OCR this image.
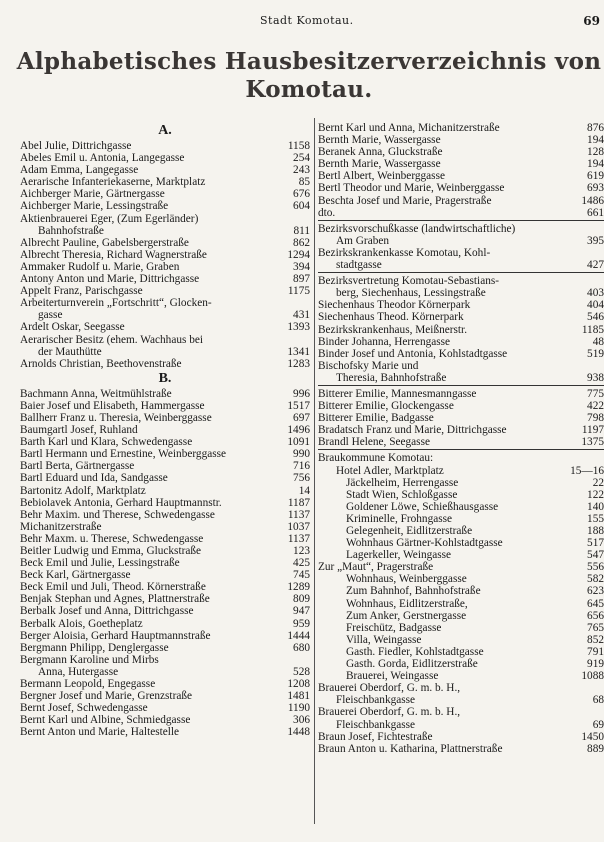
Stadt Komotau.	69
Alphabetisches Hausbesitzerverzeichnis von
Komotau.
A.
Abel Julie, Dittrichgasse	1158
Abeles Emil u. Antonia, Langegasse	254
Adam Emma, Langegasse	243
Aerarische Infanteriekaserne, Marktplatz	85
Aichberger Marie, Gärtnergasse	676
Aichberger Marie, Lessingstraße	604
Aktienbrauerei Eger, (Zum Egerländer)
Bahnhofstraße	811
Albrecht Pauline, Gabelsbergerstraße	862
Albrecht Theresia, Richard Wagnerstraße	1294
Ammaker Rudolf u. Marie, Graben	394
Antony Anton und Marie, Dittrichgasse	897
Appelt Franz, Parischgasse	1175
Arbeiterturnverein „Fortschritt“, Glocken-
gasse	431
Ardelt Oskar, Seegasse	1393
Aerarischer Besitz (ehem. Wachhaus bei
der Mauthütte	1341
Arnolds Christian, Beethovenstraße	1283
B.
Bachmann Anna, Weitmühlstraße	996
Baier Josef und Elisabeth, Hammergasse	1517
Ballherr Franz u. Theresia, Weinberggasse	697
Baumgartl Josef, Ruhland	1496
Barth Karl und Klara, Schwedengasse	1091
Bartl Hermann und Ernestine, Weinberggasse	990
Bartl Berta, Gärtnergasse	716
Bartl Eduard und Ida, Sandgasse	756
Bartonitz Adolf, Marktplatz	14
Bebiolavek Antonia, Gerhard Hauptmannstr.	1187
Behr Maxim. und Therese, Schwedengasse	1137
Michanitzerstraße	1037
Behr Maxm. u. Therese, Schwedengasse	1137
Beitler Ludwig und Emma, Gluckstraße	123
Beck Emil und Julie, Lessingstraße	425
Beck Karl, Gärtnergasse	745
Beck Emil und Juli, Theod. Körnerstraße	1289
Benjak Stephan und Agnes, Plattnerstraße	809
Berbalk Josef und Anna, Dittrichgasse	947
Berbalk Alois, Goetheplatz	959
Berger Aloisia, Gerhard Hauptmannstraße	1444
Bergmann Philipp, Denglergasse	680
Bergmann Karoline und Mirbs
Anna, Hutergasse	528
Bermann Leopold, Engegasse	1208
Bergner Josef und Marie, Grenzstraße	1481
Bernt Josef, Schwedengasse	1190
Bernt Karl und Albine, Schmiedgasse	306
Bernt Anton und Marie, Haltestelle	1448
Bernt Karl und Anna, Michanitzerstraße	876
Bernth Marie, Wassergasse	194
Beranek Anna, Gluckstraße	128
Bernth Marie, Wassergasse	194
Bertl Albert, Weinberggasse	619
Bertl Theodor und Marie, Weinberggasse	693
Beschta Josef und Marie, Pragerstraße	1486
dto.	661
Bezirksvorschußkasse (landwirtschaftliche)
Am Graben	395
Bezirkskrankenkasse Komotau, Kohl-
stadtgasse	427
Bezirksvertretung Komotau-Sebastians-
berg, Siechenhaus, Lessingstraße	403
Siechenhaus Theodor Körnerpark	404
Siechenhaus Theod. Körnerpark	546
Bezirkskrankenhaus, Meißnerstr.	1185
Binder Johanna, Herrengasse	48
Binder Josef und Antonia, Kohlstadtgasse	519
Bischofsky Marie und
Theresia, Bahnhofstraße	938
Bitterer Emilie, Mannesmanngasse	775
Bitterer Emilie, Glockengasse	422
Bitterer Emilie, Badgasse	798
Bradatsch Franz und Marie, Dittrichgasse	1197
Brandl Helene, Seegasse	1375
Braukommune Komotau:
Hotel Adler, Marktplatz	15—16
Jäckelheim, Herrengasse	22
Stadt Wien, Schloßgasse	122
Goldener Löwe, Schießhausgasse	140
Kriminelle, Frohngasse	155
Gelegenheit, Eidlitzerstraße	188
Wohnhaus Gärtner-Kohlstadtgasse	517
Lagerkeller, Weingasse	547
Zur „Maut“, Pragerstraße	556
Wohnhaus, Weinberggasse	582
Zum Bahnhof, Bahnhofstraße	623
Wohnhaus, Eidlitzerstraße,	645
Zum Anker, Gerstnergasse	656
Freischütz, Badgasse	765
Villa, Weingasse	852
Gasth. Fiedler, Kohlstadtgasse	791
Gasth. Gorda, Eidlitzerstraße	919
Brauerei, Weingasse	1088
Brauerei Oberdorf, G. m. b. H.,
Fleischbankgasse	68
Brauerei Oberdorf, G. m. b. H.,
Fleischbankgasse	69
Braun Josef, Fichtestraße	1450
Braun Anton u. Katharina, Plattnerstraße	889
